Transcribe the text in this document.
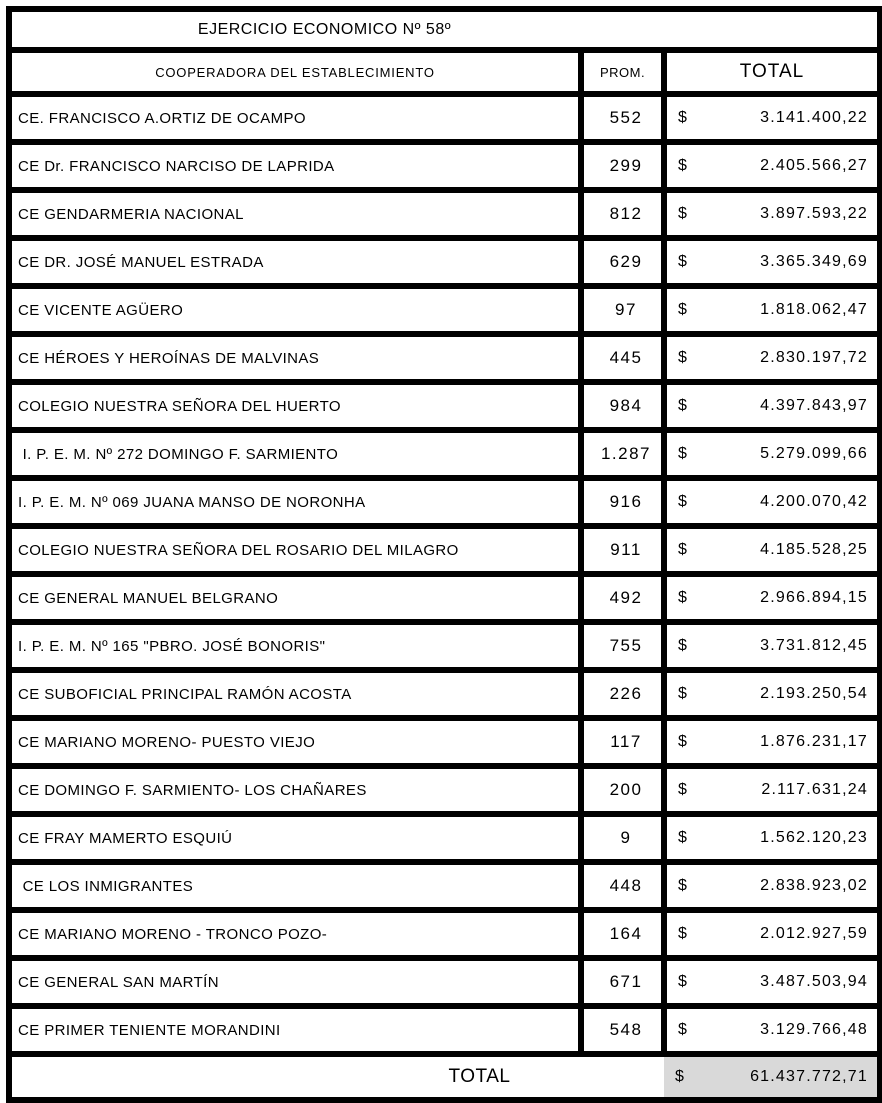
EJERCICIO ECONOMICO Nº 58º		
COOPERADORA DEL ESTABLECIMIENTO	PROM.	TOTAL
CE. FRANCISCO A.ORTIZ DE OCAMPO	552	$ 3.141.400,22

CE Dr. FRANCISCO NARCISO DE LAPRIDA	299	$ 2.405.566,27

CE GENDARMERIA NACIONAL	812	$ 3.897.593,22

CE DR. JOSÉ MANUEL ESTRADA	629	$ 3.365.349,69

CE VICENTE AGÜERO	97	$ 1.818.062,47

CE HÉROES Y HEROÍNAS DE MALVINAS	445	$ 2.830.197,72

COLEGIO NUESTRA SEÑORA DEL HUERTO	984	$ 4.397.843,97

I. P. E. M. Nº 272 DOMINGO F. SARMIENTO	1.287	$ 5.279.099,66

I. P. E. M. Nº 069 JUANA MANSO DE NORONHA	916	$ 4.200.070,42

COLEGIO NUESTRA SEÑORA DEL ROSARIO DEL MILAGRO	911	$ 4.185.528,25

CE GENERAL MANUEL BELGRANO	492	$ 2.966.894,15

I. P. E. M. Nº 165 "PBRO. JOSÉ BONORIS"	755	$ 3.731.812,45

CE SUBOFICIAL PRINCIPAL RAMÓN ACOSTA	226	$ 2.193.250,54

CE MARIANO MORENO- PUESTO VIEJO	117	$ 1.876.231,17

CE DOMINGO F. SARMIENTO- LOS CHAÑARES	200	$ 2.117.631,24

CE FRAY MAMERTO ESQUIÚ	9	$ 1.562.120,23

CE LOS INMIGRANTES	448	$ 2.838.923,02

CE MARIANO MORENO - TRONCO POZO-	164	$ 2.012.927,59

CE GENERAL SAN MARTÍN	671	$ 3.487.503,94

CE PRIMER TENIENTE MORANDINI	548	$ 3.129.766,48

TOTAL		$ 61.437.772,71
